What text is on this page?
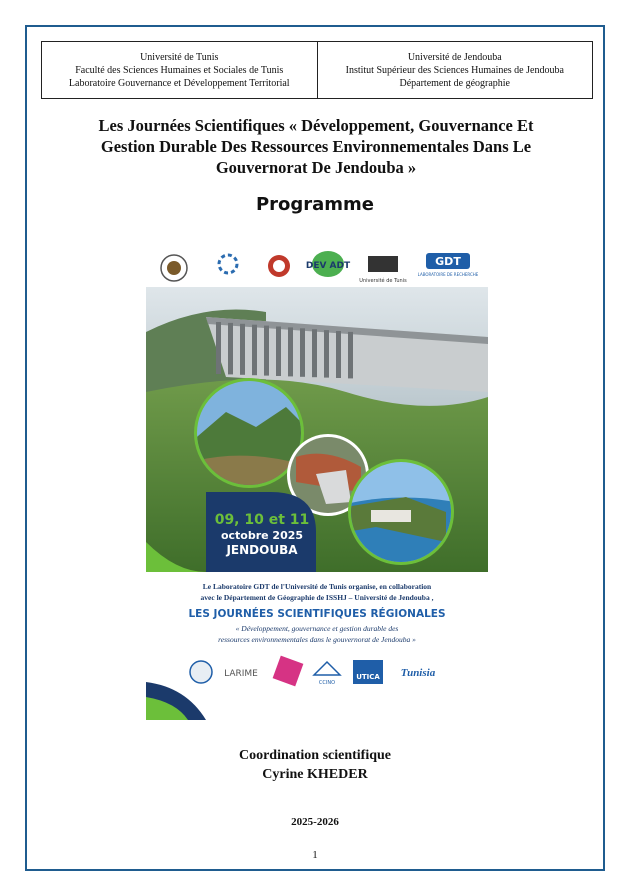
Université de Tunis
Faculté des Sciences Humaines et Sociales de Tunis
Laboratoire Gouvernance et Développement Territorial
Université de Jendouba
Institut Supérieur des Sciences Humaines de Jendouba
Département de géographie
Les Journées Scientifiques « Développement, Gouvernance Et
Gestion Durable Des Ressources Environnementales Dans Le
Gouvernorat De Jendouba »
Programme
DEV ADT
Université de Tunis
GDT
LABORATOIRE DE RECHERCHE
09, 10 et 11
octobre 2025
JENDOUBA
Le Laboratoire GDT de l'Université de Tunis organise, en collaboration
avec le Département de Géographie de ISSHJ – Université de Jendouba ,
LES JOURNÉES SCIENTIFIQUES RÉGIONALES
« Développement, gouvernance et gestion durable des
ressources environnementales dans le gouvernorat de Jendouba »
LARIME
CCINO
UTICA Tunisia
Coordination scientifique
Cyrine KHEDER
2025-2026
1
